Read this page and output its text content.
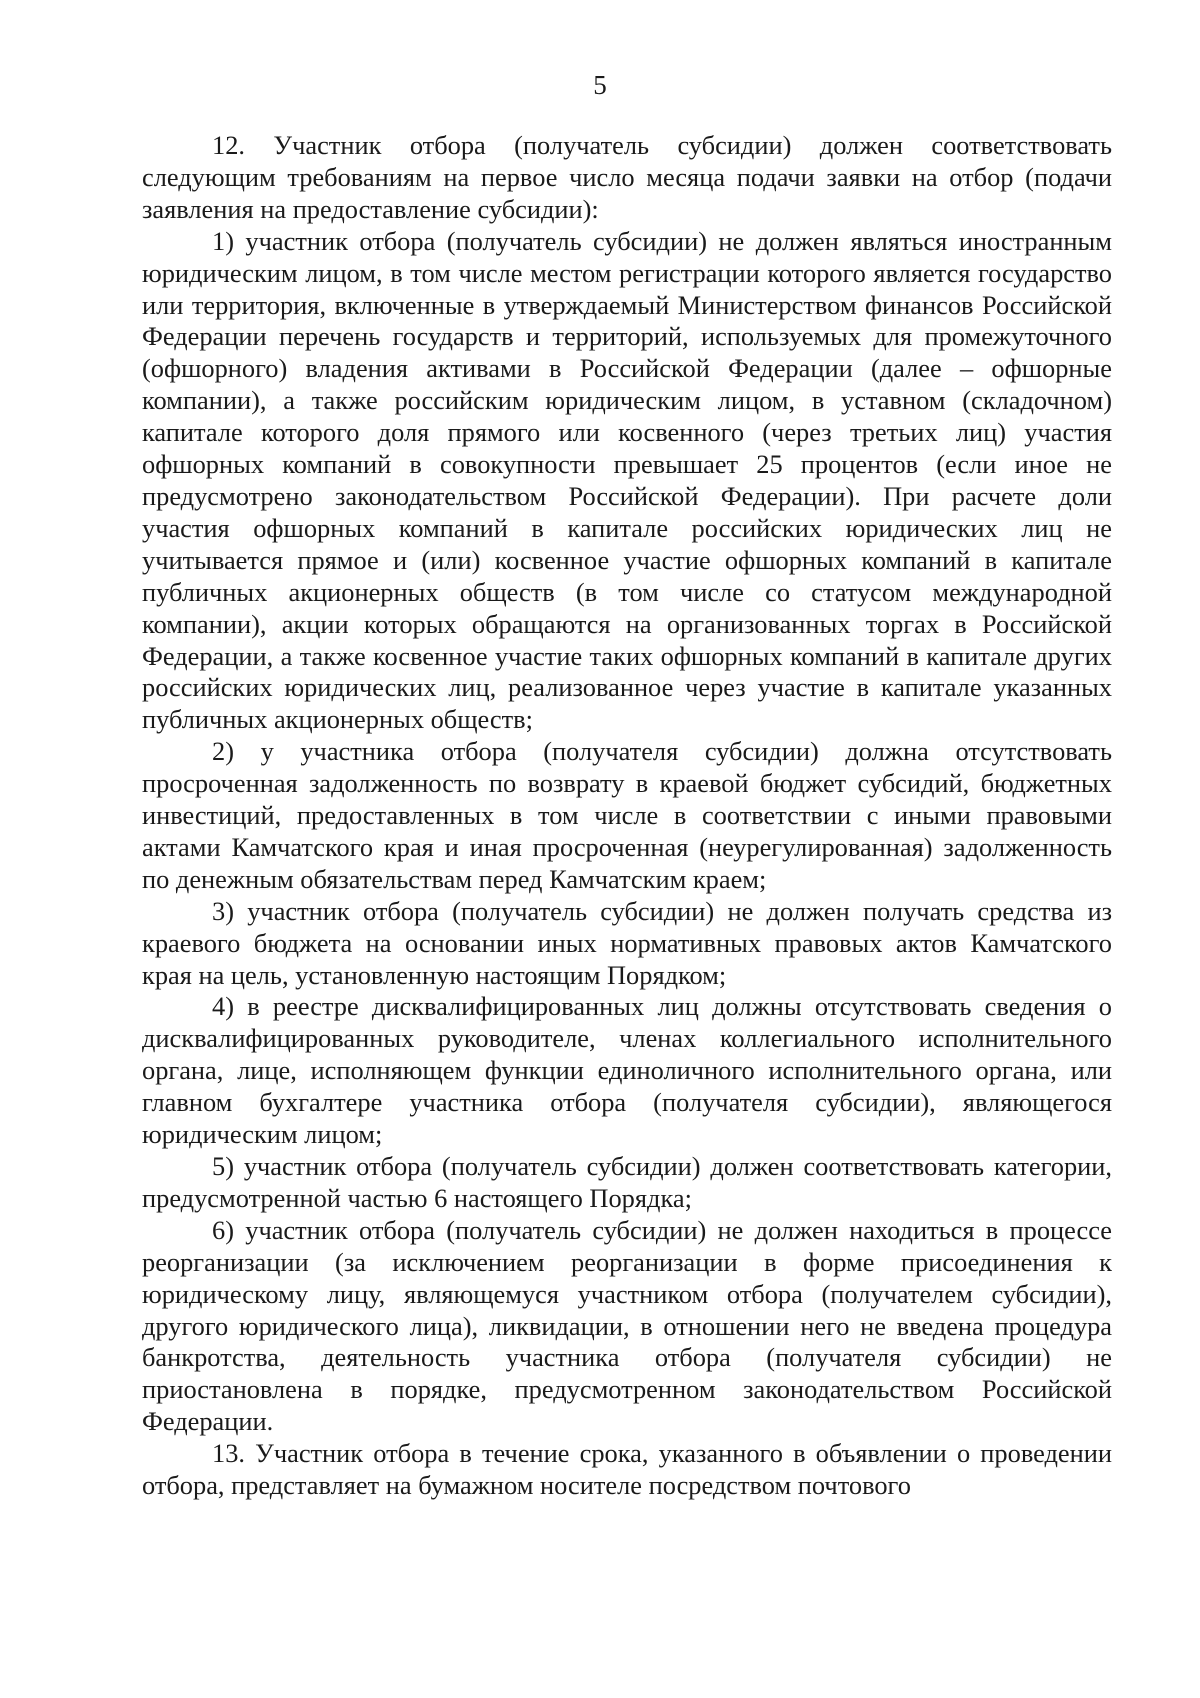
5

12. Участник отбора (получатель субсидии) должен соответствовать следующим требованиям на первое число месяца подачи заявки на отбор (подачи заявления на предоставление субсидии):

1) участник отбора (получатель субсидии) не должен являться иностранным юридическим лицом, в том числе местом регистрации которого является государство или территория, включенные в утверждаемый Министерством финансов Российской Федерации перечень государств и территорий, используемых для промежуточного (офшорного) владения активами в Российской Федерации (далее – офшорные компании), а также российским юридическим лицом, в уставном (складочном) капитале которого доля прямого или косвенного (через третьих лиц) участия офшорных компаний в совокупности превышает 25 процентов (если иное не предусмотрено законодательством Российской Федерации). При расчете доли участия офшорных компаний в капитале российских юридических лиц не учитывается прямое и (или) косвенное участие офшорных компаний в капитале публичных акционерных обществ (в том числе со статусом международной компании), акции которых обращаются на организованных торгах в Российской Федерации, а также косвенное участие таких офшорных компаний в капитале других российских юридических лиц, реализованное через участие в капитале указанных публичных акционерных обществ;

2) у участника отбора (получателя субсидии) должна отсутствовать просроченная задолженность по возврату в краевой бюджет субсидий, бюджетных инвестиций, предоставленных в том числе в соответствии с иными правовыми актами Камчатского края и иная просроченная (неурегулированная) задолженность по денежным обязательствам перед Камчатским краем;

3) участник отбора (получатель субсидии) не должен получать средства из краевого бюджета на основании иных нормативных правовых актов Камчатского края на цель, установленную настоящим Порядком;

4) в реестре дисквалифицированных лиц должны отсутствовать сведения о дисквалифицированных руководителе, членах коллегиального исполнительного органа, лице, исполняющем функции единоличного исполнительного органа, или главном бухгалтере участника отбора (получателя субсидии), являющегося юридическим лицом;

5) участник отбора (получатель субсидии) должен соответствовать категории, предусмотренной частью 6 настоящего Порядка;

6) участник отбора (получатель субсидии) не должен находиться в процессе реорганизации (за исключением реорганизации в форме присоединения к юридическому лицу, являющемуся участником отбора (получателем субсидии), другого юридического лица), ликвидации, в отношении него не введена процедура банкротства, деятельность участника отбора (получателя субсидии) не приостановлена в порядке, предусмотренном законодательством Российской Федерации.

13. Участник отбора в течение срока, указанного в объявлении о проведении отбора, представляет на бумажном носителе посредством почтового
